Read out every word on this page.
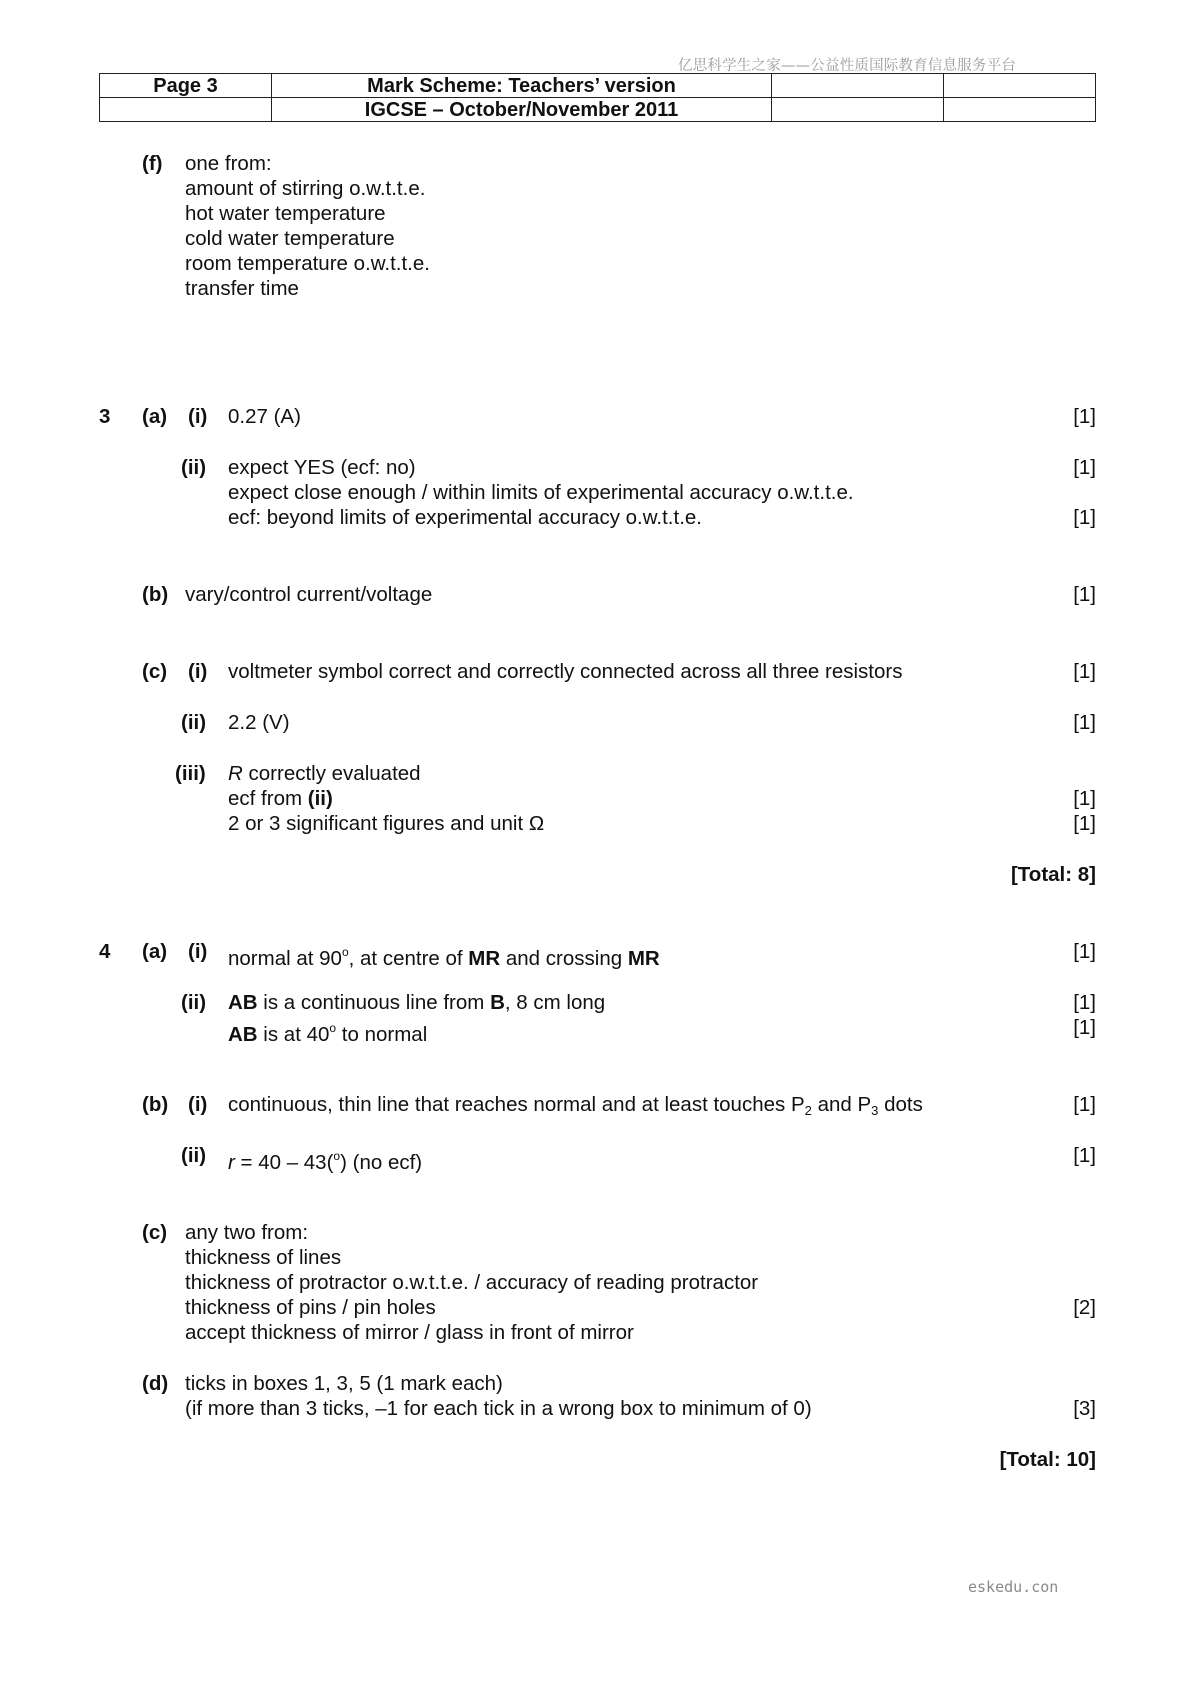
亿思科学生之家——公益性质国际教育信息服务平台
Page 3	Mark Scheme: Teachers’ version		
	IGCSE – October/November 2011		
(f) one from:
amount of stirring o.w.t.t.e.
hot water temperature
cold water temperature
room temperature o.w.t.t.e.
transfer time
3 (a) (i) 0.27 (A)	[1]
(ii) expect YES (ecf: no)	[1]
expect close enough / within limits of experimental accuracy o.w.t.t.e.
ecf: beyond limits of experimental accuracy o.w.t.t.e.	[1]
(b) vary/control current/voltage	[1]
(c) (i) voltmeter symbol correct and correctly connected across all three resistors	[1]
(ii) 2.2 (V)	[1]
(iii) R correctly evaluated
ecf from (ii)	[1]
2 or 3 significant figures and unit Ω	[1]
[Total: 8]
4 (a) (i) normal at 90$^o$, at centre of MR and crossing MR	[1]
(ii) AB is a continuous line from B, 8 cm long	[1]
AB is at 40$^o$ to normal	[1]
(b) (i) continuous, thin line that reaches normal and at least touches $P_2$ and $P_3$ dots	[1]
(ii) r = 40 – 43($^o$) (no ecf)	[1]
(c) any two from:
thickness of lines
thickness of protractor o.w.t.t.e. / accuracy of reading protractor
thickness of pins / pin holes	[2]
accept thickness of mirror / glass in front of mirror
(d) ticks in boxes 1, 3, 5 (1 mark each)
(if more than 3 ticks, –1 for each tick in a wrong box to minimum of 0)	[3]
[Total: 10]
eskedu.con
